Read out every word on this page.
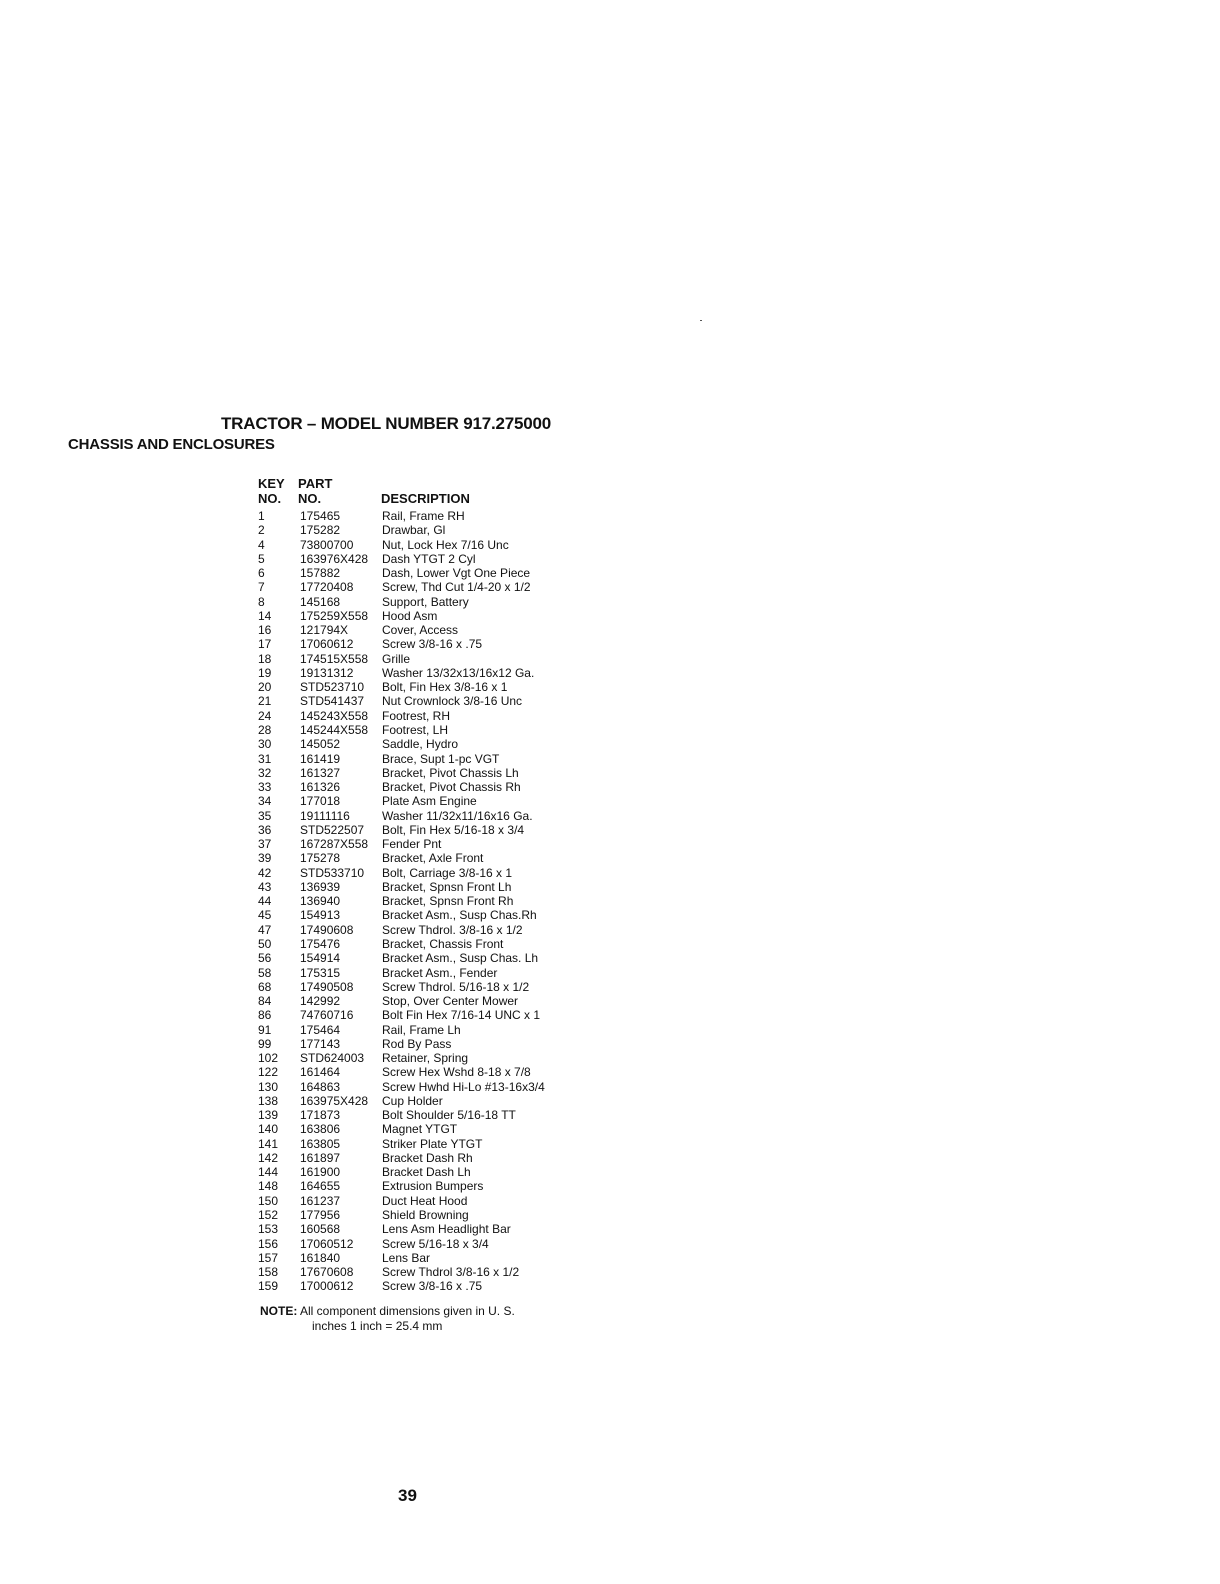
TRACTOR – MODEL NUMBER 917.275000
CHASSIS AND ENCLOSURES
KEY PART
NO. NO.	DESCRIPTION
1	175465	Rail, Frame RH
2	175282	Drawbar, Gl
4	73800700 Nut, Lock Hex 7/16 Unc
5	163976X428 Dash YTGT 2 Cyl
6	157882	Dash, Lower Vgt One Piece
7	17720408 Screw, Thd Cut 1/4-20 x 1/2
8	145168	Support, Battery
14	175259X558 Hood Asm
16	121794X	Cover, Access
17	17060612 Screw 3/8-16 x .75
18	174515X558 Grille
19	19131312 Washer 13/32x13/16x12 Ga.
20	STD523710 Bolt, Fin Hex 3/8-16 x 1
21	STD541437 Nut Crownlock 3/8-16 Unc
24	145243X558 Footrest, RH
28	145244X558 Footrest, LH
30	145052	Saddle, Hydro
31	161419	Brace, Supt 1-pc VGT
32	161327	Bracket, Pivot Chassis Lh
33	161326	Bracket, Pivot Chassis Rh
34	177018	Plate Asm Engine
35	19111116	Washer 11/32x11/16x16 Ga.
36	STD522507 Bolt, Fin Hex 5/16-18 x 3/4
37	167287X558 Fender Pnt
39	175278	Bracket, Axle Front
42	STD533710 Bolt, Carriage 3/8-16 x 1
43	136939	Bracket, Spnsn Front Lh
44	136940	Bracket, Spnsn Front Rh
45	154913	Bracket Asm., Susp Chas.Rh
47	17490608 Screw Thdrol. 3/8-16 x 1/2
50	175476	Bracket, Chassis Front
56	154914	Bracket Asm., Susp Chas. Lh
58	175315	Bracket Asm., Fender
68	17490508 Screw Thdrol. 5/16-18 x 1/2
84	142992	Stop, Over Center Mower
86	74760716 Bolt Fin Hex 7/16-14 UNC x 1
91	175464	Rail, Frame Lh
99	177143	Rod By Pass
102	STD624003 Retainer, Spring
122	161464	Screw Hex Wshd 8-18 x 7/8
130	164863	Screw Hwhd Hi-Lo #13-16x3/4
138	163975X428 Cup Holder
139	171873	Bolt Shoulder 5/16-18 TT
140	163806	Magnet YTGT
141	163805	Striker Plate YTGT
142	161897	Bracket Dash Rh
144	161900	Bracket Dash Lh
148	164655	Extrusion Bumpers
150	161237	Duct Heat Hood
152	177956	Shield Browning
153	160568	Lens Asm Headlight Bar
156	17060512 Screw 5/16-18 x 3/4
157	161840	Lens Bar
158	17670608 Screw Thdrol 3/8-16 x 1/2
159	17000612 Screw 3/8-16 x .75
NOTE: All component dimensions given in U. S.
inches 1 inch = 25.4 mm
39
